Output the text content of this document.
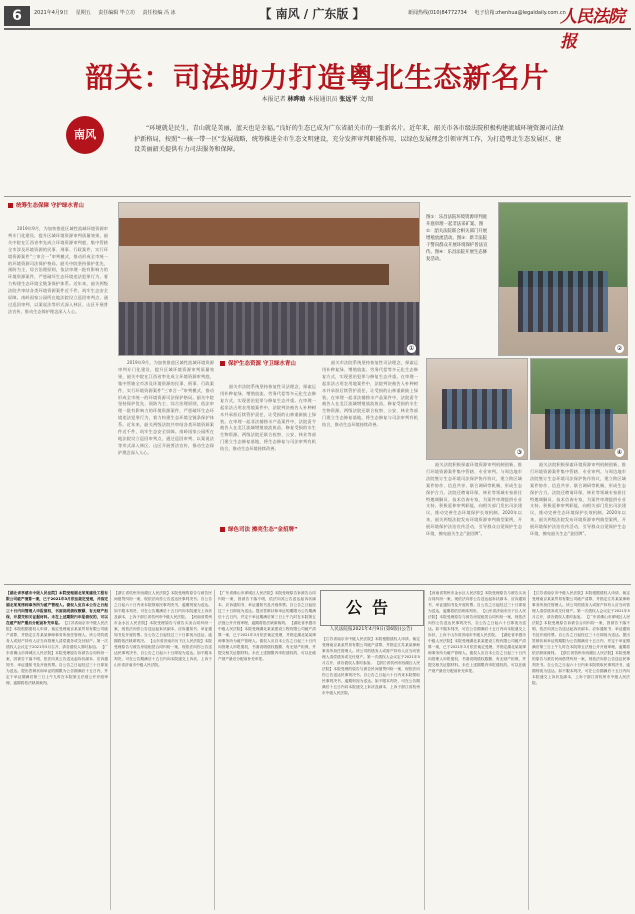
6	2021年4月9日 星期五 责任编辑 毕立功 责任校编 冯 冰	【 南风 / 广东版 】	新闻热线(010)84772734 电子信箱:zhenhua@legaldaily.com.cn
人民法院报
韶关：司法助力打造粤北生态新名片
本报记者 林晔晗 本报通讯员 张远平 文/图
南风	“环境就是民生，青山就是美丽，蓝天也是幸福。”良好的生态已成为广东省韶关市的一张新名片。近年来，韶关市各市级法院积极构建流域环境资源司法保护新格局，按照“一核一带一区”发展战略，统筹推进全市生态文明建设，充分发挥审判职能作用，以绿色发展理念引领审判工作，为打造粤北生态发展区、建设美丽韶关提供有力司法服务和保障。
统筹生态保障 守护绿水青山

2019年9月，为加快推进区域性流域环境资源审判专门化建设，提升区域环境资源审判质量效果，韶关中院在江西省率先成立环境资源审判庭，集中管辖全市涉及环境资源的民事、刑事、行政案件，实行环境资源案件“三审合一”审判模式，推动形成全市统一的环境资源司法保护格局。韶关中院坚持保护优先、预防为主、综合治理原则，依法审理一批有影响力的环境资源案件，严惩破坏生态环境违法犯罪行为，着力构建生态环境全链条保护体系。近年来，韶关两级法院共审结各类环境资源案件近千件，筑牢生态安全屏障。南岭国家公园所在地法院设立巡回审判点，通过巡回审判、以案说法等形式深入林区、山区开展普法宣传，推动生态保护理念深入人心。

①
图①：乐昌法院环境资源审判庭开庭审理一起非法采矿案。图②：韶关法院联合相关部门开展增殖放流活动。图③：新丰法院干警向群众开展环境保护普法宣传。图④：乐昌法院开展生态修复活动。
②
③	④

2019年9月，为加快推进区域性流域环境资源审判专门化建设，提升区域环境资源审判质量效果，韶关中院在江西省率先成立环境资源审判庭，集中管辖全市涉及环境资源的民事、刑事、行政案件，实行环境资源案件“三审合一”审判模式，推动形成全市统一的环境资源司法保护格局。韶关中院坚持保护优先、预防为主、综合治理原则，依法审理一批有影响力的环境资源案件，严惩破坏生态环境违法犯罪行为，着力构建生态环境全链条保护体系。近年来，韶关两级法院共审结各类环境资源案件近千件，筑牢生态安全屏障。南岭国家公园所在地法院设立巡回审判点，通过巡回审判、以案说法等形式深入林区、山区开展普法宣传，推动生态保护理念深入人心。

保护生态资源 守卫绿水青山

韶关市法院系统坚持恢复性司法理念，探索运用补种复绿、增殖放流、劳务代偿等多元化生态修复方式，实现惩治犯罪与修复生态并重。在审理一起非法占用农用地案件中，法院判决被告人补种树木并承担后续管护责任，让受损的山林重新披上绿装。在审理一起非法捕捞水产品案件中，法院责令被告人在北江流域增殖放流鱼苗，修复受损的水生生物资源。两级法院还联合检察、公安、林业等部门建立生态修复基地，将生态修复与司法审判有机结合，推动生态环境持续改善。

韶关市法院系统坚持恢复性司法理念，探索运用补种复绿、增殖放流、劳务代偿等多元化生态修复方式，实现惩治犯罪与修复生态并重。在审理一起非法占用农用地案件中，法院判决被告人补种树木并承担后续管护责任，让受损的山林重新披上绿装。在审理一起非法捕捞水产品案件中，法院责令被告人在北江流域增殖放流鱼苗，修复受损的水生生物资源。两级法院还联合检察、公安、林业等部门建立生态修复基地，将生态修复与司法审判有机结合，推动生态环境持续改善。

绿色司法 擦亮生态“金招牌”

韶关法院积极探索环境资源审判机制创新，推行环境资源案件集中管辖、专业审判。与周边地市法院签订生态环境司法保护协作协议，建立跨区域案件协作、信息共享、联合调研等机制，形成生态保护合力。法院还聘请环保、林业等领域专家担任特邀调解员、技术咨询专家，为案件审理提供专业支持。积极延伸审判职能，向相关部门发出司法建议，推动完善生态环境保护长效机制。2020年以来，韶关两级法院发布环境资源审判典型案例，开展环境保护法治宣传活动，引导群众自觉保护生态环境，擦亮韶关生态“金招牌”。

韶关法院积极探索环境资源审判机制创新，推行环境资源案件集中管辖、专业审判。与周边地市法院签订生态环境司法保护协作协议，建立跨区域案件协作、信息共享、联合调研等机制，形成生态保护合力。法院还聘请环保、林业等领域专家担任特邀调解员、技术咨询专家，为案件审理提供专业支持。积极延伸审判职能，向相关部门发出司法建议，推动完善生态环境保护长效机制。2020年以来，韶关两级法院发布环境资源审判典型案例，开展环境保护法治宣传活动，引导群众自觉保护生态环境，擦亮韶关生态“金招牌”。

【湖北省孝感市中级人民法院】本院受理湖北某某建设工程有限公司破产清算一案，已于2021年3月依法裁定受理，并指定湖北某某律师事务所为破产管理人。债权人应自本公告之日起三十日内向管理人申报债权，书面说明债权数额、有无财产担保，并提交相关证据材料。未在上述期限内申报债权的，可以在破产财产最后分配前补充申报。 【江苏省南京市中级人民法院】本院根据债权人申请，裁定受理南京某某贸易有限公司破产清算，并指定江苏某某律师事务所担任管理人。该公司的债务人或财产持有人应当向管理人清偿债务或交付财产。第一次债权人会议定于2021年5月召开，请各债权人准时参加。 【广东省佛山市禅城区人民法院】本院受理原告诉被告合同纠纷一案，因被告下落不明，依法向其公告送达起诉状副本、应诉通知书、举证通知书及开庭传票。自公告之日起经过三十日即视为送达。提出答辩状和举证的期限为公告期满后十五日内，并定于举证期满后第三日上午九时在本院第五法庭公开开庭审理，逾期将依法缺席裁判。
【浙江省杭州市西湖区人民法院】本院受理的原告与被告民间借贷纠纷一案，现依法向你公告送达民事判决书。自公告之日起六十日内来本院领取民事判决书，逾期则视为送达。如不服本判决，可在公告期满后十五日内向本院递交上诉状及副本，上诉于浙江省杭州市中级人民法院。 【河南省郑州市金水区人民法院】本院受理原告与被告买卖合同纠纷一案，现依法向你公告送达起诉状副本、应诉通知书、举证通知书及开庭传票。自公告之日起经过三十日即视为送达，逾期将依法缺席判决。 【山东省济南市历下区人民法院】本院受理原告与被告房屋租赁合同纠纷一案，现依法向你公告送达民事判决书，自公告之日起六十日即视为送达。如不服本判决，可在公告期满后十五日内向本院递交上诉状，上诉于山东省济南市中级人民法院。
【广东省佛山市禅城区人民法院】本院受理原告诉被告合同纠纷一案，因被告下落不明，依法向其公告送达起诉状副本、应诉通知书、举证通知书及开庭传票。自公告之日起经过三十日即视为送达。提出答辩状和举证的期限为公告期满后十五日内，并定于举证期满后第三日上午九时在本院第五法庭公开开庭审理，逾期将依法缺席裁判。 【湖北省孝感市中级人民法院】本院受理湖北某某建设工程有限公司破产清算一案，已于2021年3月依法裁定受理，并指定湖北某某律师事务所为破产管理人。债权人应自本公告之日起三十日内向管理人申报债权，书面说明债权数额、有无财产担保，并提交相关证据材料。未在上述期限内申报债权的，可以在破产财产最后分配前补充申报。
公告
人民法院报2021年4月9日(第6版)(公告)
【江苏省南京市中级人民法院】本院根据债权人申请，裁定受理南京某某贸易有限公司破产清算，并指定江苏某某律师事务所担任管理人。该公司的债务人或财产持有人应当向管理人清偿债务或交付财产。第一次债权人会议定于2021年5月召开，请各债权人准时参加。 【浙江省杭州市西湖区人民法院】本院受理的原告与被告民间借贷纠纷一案，现依法向你公告送达民事判决书。自公告之日起六十日内来本院领取民事判决书，逾期则视为送达。如不服本判决，可在公告期满后十五日内向本院递交上诉状及副本，上诉于浙江省杭州市中级人民法院。
【河南省郑州市金水区人民法院】本院受理原告与被告买卖合同纠纷一案，现依法向你公告送达起诉状副本、应诉通知书、举证通知书及开庭传票。自公告之日起经过三十日即视为送达，逾期将依法缺席判决。 【山东省济南市历下区人民法院】本院受理原告与被告房屋租赁合同纠纷一案，现依法向你公告送达民事判决书，自公告之日起六十日即视为送达。如不服本判决，可在公告期满后十五日内向本院递交上诉状，上诉于山东省济南市中级人民法院。 【湖北省孝感市中级人民法院】本院受理湖北某某建设工程有限公司破产清算一案，已于2021年3月依法裁定受理，并指定湖北某某律师事务所为破产管理人。债权人应自本公告之日起三十日内向管理人申报债权，书面说明债权数额、有无财产担保，并提交相关证据材料。未在上述期限内申报债权的，可以在破产财产最后分配前补充申报。
【江苏省南京市中级人民法院】本院根据债权人申请，裁定受理南京某某贸易有限公司破产清算，并指定江苏某某律师事务所担任管理人。该公司的债务人或财产持有人应当向管理人清偿债务或交付财产。第一次债权人会议定于2021年5月召开，请各债权人准时参加。 【广东省佛山市禅城区人民法院】本院受理原告诉被告合同纠纷一案，因被告下落不明，依法向其公告送达起诉状副本、应诉通知书、举证通知书及开庭传票。自公告之日起经过三十日即视为送达。提出答辩状和举证的期限为公告期满后十五日内，并定于举证期满后第三日上午九时在本院第五法庭公开开庭审理，逾期将依法缺席裁判。 【浙江省杭州市西湖区人民法院】本院受理的原告与被告民间借贷纠纷一案，现依法向你公告送达民事判决书。自公告之日起六十日内来本院领取民事判决书，逾期则视为送达。如不服本判决，可在公告期满后十五日内向本院递交上诉状及副本，上诉于浙江省杭州市中级人民法院。
